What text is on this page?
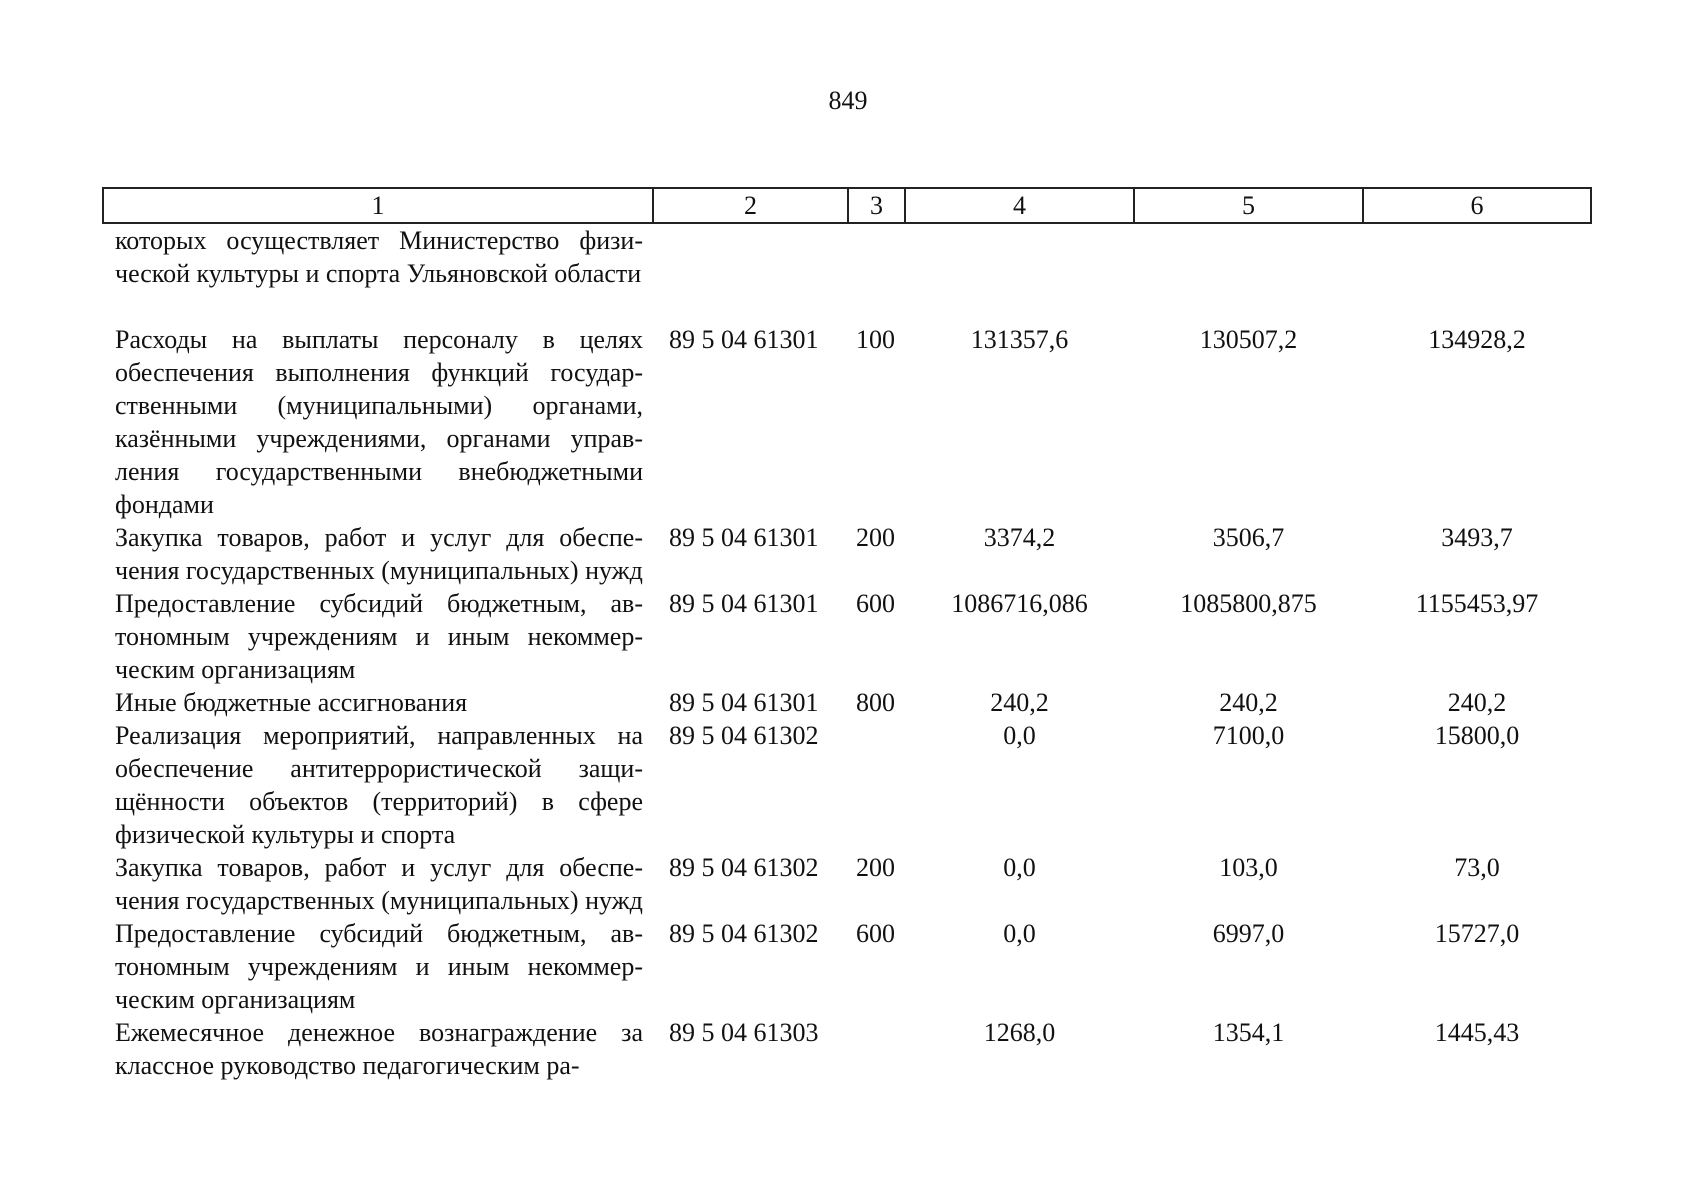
849
1	2	3	4	5	6
которых осуществляет Министерство физической культуры и спорта Ульяновской области					
Расходы на выплаты персоналу в целях обеспечения выполнения функций государственными (муниципальными) органами, казёнными учреждениями, органами управления государственными внебюджетными фондами	89 5 04 61301	100	131357,6	130507,2	134928,2
Закупка товаров, работ и услуг для обеспечения государственных (муниципальных) нужд	89 5 04 61301	200	3374,2	3506,7	3493,7
Предоставление субсидий бюджетным, автономным учреждениям и иным некоммерческим организациям	89 5 04 61301	600	1086716,086	1085800,875	1155453,97
Иные бюджетные ассигнования	89 5 04 61301	800	240,2	240,2	240,2
Реализация мероприятий, направленных на обеспечение антитеррористической защищённости объектов (территорий) в сфере физической культуры и спорта	89 5 04 61302		0,0	7100,0	15800,0
Закупка товаров, работ и услуг для обеспечения государственных (муниципальных) нужд	89 5 04 61302	200	0,0	103,0	73,0
Предоставление субсидий бюджетным, автономным учреждениям и иным некоммерческим организациям	89 5 04 61302	600	0,0	6997,0	15727,0
Ежемесячное денежное вознаграждение за классное руководство педагогическим ра-	89 5 04 61303		1268,0	1354,1	1445,43
